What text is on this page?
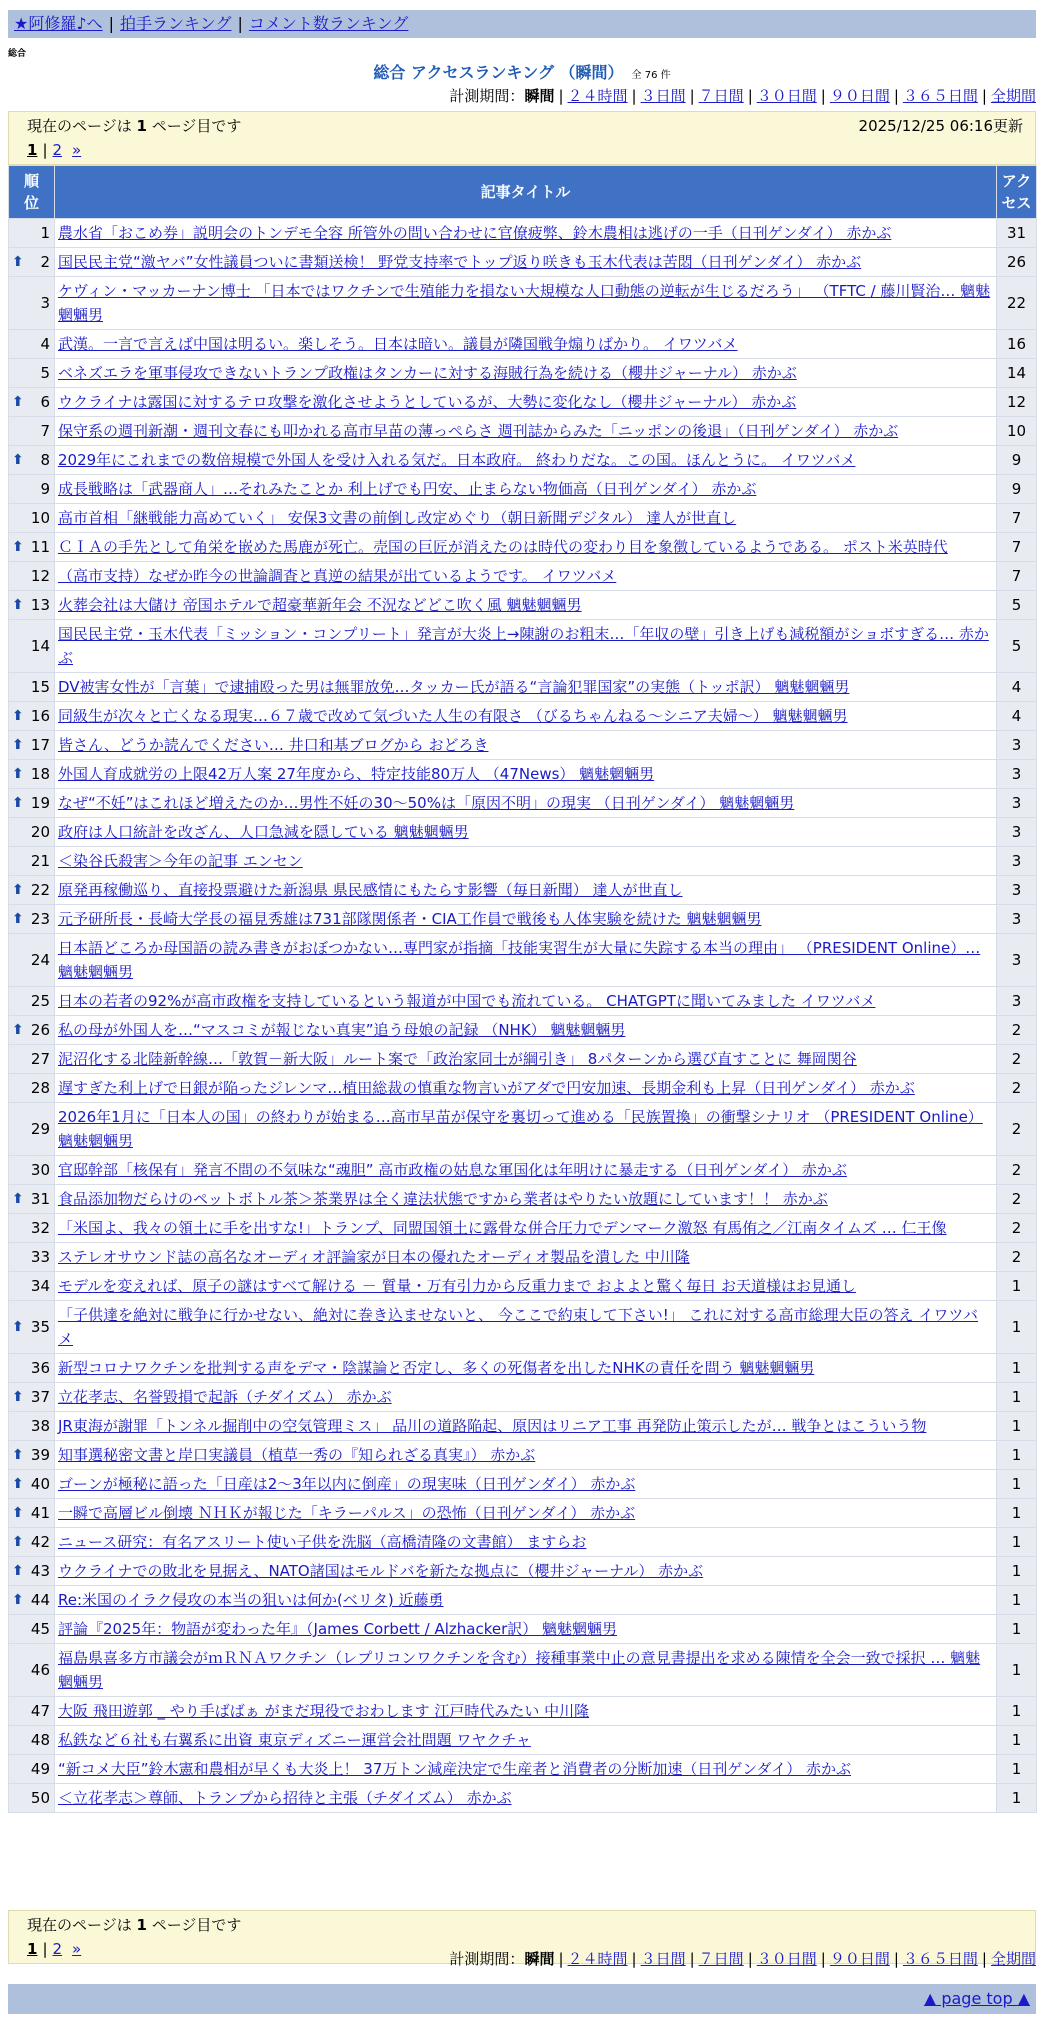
★阿修羅♪へ | 拍手ランキング | コメント数ランキング
総合
総合 アクセスランキング （瞬間） 全 76 件
計測期間：瞬間 | ２４時間 | ３日間 | ７日間 | ３０日間 | ９０日間 | ３６５日間 | 全期間
現在のページは 1 ページ目です	2025/12/25 06:16更新
1 | 2 »
順位	記事タイトル	アクセス

1	農水省「おこめ券」説明会のトンデモ全容 所管外の問い合わせに官僚疲弊、鈴木農相は逃げの一手（日刊ゲンダイ） 赤かぶ	31

⬆ 2	国民民主党“激ヤバ”女性議員ついに書類送検！ 野党支持率でトップ返り咲きも玉木代表は苦悶（日刊ゲンダイ） 赤かぶ	26
3	ケヴィン・マッカーナン博士 「日本ではワクチンで生殖能力を損ない大規模な人口動態の逆転が生じるだろう」 （TFTC / 藤川賢治… 魑魅魍魎男	22
4	武漢。一言で言えば中国は明るい。楽しそう。日本は暗い。議員が隣国戦争煽りばかり。 イワツバメ	16
5	ベネズエラを軍事侵攻できないトランプ政権はタンカーに対する海賊行為を続ける（櫻井ジャーナル） 赤かぶ	14

⬆ 6	ウクライナは露国に対するテロ攻撃を激化させようとしているが、大勢に変化なし（櫻井ジャーナル） 赤かぶ	12
7	保守系の週刊新潮・週刊文春にも叩かれる高市早苗の薄っぺらさ 週刊誌からみた「ニッポンの後退」（日刊ゲンダイ） 赤かぶ	10

⬆ 8	2029年にこれまでの数倍規模で外国人を受け入れる気だ。日本政府。 終わりだな。この国。ほんとうに。 イワツバメ	9
9	成長戦略は「武器商人」…それみたことか 利上げでも円安、止まらない物価高（日刊ゲンダイ） 赤かぶ	9
10	高市首相「継戦能力高めていく」 安保3文書の前倒し改定めぐり（朝日新聞デジタル） 達人が世直し	7

⬆ 11	ＣＩＡの手先として角栄を嵌めた馬鹿が死亡。売国の巨匠が消えたのは時代の変わり目を象徴しているようである。 ポスト米英時代	7
12	（高市支持）なぜか昨今の世論調査と真逆の結果が出ているようです。 イワツバメ	7

⬆ 13	火葬会社は大儲け 帝国ホテルで超豪華新年会 不況などどこ吹く風 魑魅魍魎男	5
14	国民民主党・玉木代表「ミッション・コンプリート」発言が大炎上→陳謝のお粗末…「年収の壁」引き上げも減税額がショボすぎる… 赤かぶ	5
15	DV被害女性が「言葉」で逮捕殴った男は無罪放免…タッカー氏が語る“言論犯罪国家”の実態（トッポ訳） 魑魅魍魎男	4

⬆ 16	同級生が次々と亡くなる現実…６７歳で改めて気づいた人生の有限さ （びるちゃんねる～シニア夫婦～） 魑魅魍魎男	4

⬆ 17	皆さん、どうか読んでください… 井口和基ブログから おどろき	3

⬆ 18	外国人育成就労の上限42万人案 27年度から、特定技能80万人 （47News） 魑魅魍魎男	3

⬆ 19	なぜ“不妊”はこれほど増えたのか…男性不妊の30～50%は「原因不明」の現実 （日刊ゲンダイ） 魑魅魍魎男	3
20	政府は人口統計を改ざん、人口急減を隠している 魑魅魍魎男	3
21	＜染谷氏殺害＞今年の記事 エンセン	3

⬆ 22	原発再稼働巡り、直接投票避けた新潟県 県民感情にもたらす影響（毎日新聞） 達人が世直し	3

⬆ 23	元予研所長・長崎大学長の福見秀雄は731部隊関係者・CIA工作員で戦後も人体実験を続けた 魑魅魍魎男	3
24	日本語どころか母国語の読み書きがおぼつかない…専門家が指摘「技能実習生が大量に失踪する本当の理由」 （PRESIDENT Online）… 魑魅魍魎男	3
25	日本の若者の92%が高市政権を支持しているという報道が中国でも流れている。 CHATGPTに聞いてみました イワツバメ	3

⬆ 26	私の母が外国人を…“マスコミが報じない真実”追う母娘の記録 （NHK） 魑魅魍魎男	2
27	泥沼化する北陸新幹線…「敦賀－新大阪」ルート案で「政治家同士が綱引き」 8パターンから選び直すことに 舞岡関谷	2
28	遅すぎた利上げで日銀が陥ったジレンマ…植田総裁の慎重な物言いがアダで円安加速、長期金利も上昇（日刊ゲンダイ） 赤かぶ	2
29	2026年1月に「日本人の国」の終わりが始まる…高市早苗が保守を裏切って進める「民族置換」の衝撃シナリオ （PRESIDENT Online） 魑魅魍魎男	2
30	官邸幹部「核保有」発言不問の不気味な“魂胆” 高市政権の姑息な軍国化は年明けに暴走する（日刊ゲンダイ） 赤かぶ	2

⬆ 31	食品添加物だらけのペットボトル茶＞茶業界は全く違法状態ですから業者はやりたい放題にしています！！ 赤かぶ	2
32	「米国よ、我々の領土に手を出すな!」トランプ、同盟国領土に露骨な併合圧力でデンマーク激怒 有馬侑之／江南タイムズ … 仁王像	2
33	ステレオサウンド誌の高名なオーディオ評論家が日本の優れたオーディオ製品を潰した 中川隆	2
34	モデルを変えれば、原子の謎はすべて解ける － 質量・万有引力から反重力まで およよと驚く毎日 お天道様はお見通し	1

⬆ 35	「子供達を絶対に戦争に行かせない、絶対に巻き込ませないと、 今ここで約束して下さい!」 これに対する高市総理大臣の答え イワツバメ	1
36	新型コロナワクチンを批判する声をデマ・陰謀論と否定し、多くの死傷者を出したNHKの責任を問う 魑魅魍魎男	1

⬆ 37	立花孝志、名誉毀損で起訴（チダイズム） 赤かぶ	1
38	JR東海が謝罪「トンネル掘削中の空気管理ミス」 品川の道路陥起、原因はリニア工事 再発防止策示したが… 戦争とはこういう物	1

⬆ 39	知事選秘密文書と岸口実議員（植草一秀の『知られざる真実』） 赤かぶ	1

⬆ 40	ゴーンが極秘に語った「日産は2～3年以内に倒産」の現実味（日刊ゲンダイ） 赤かぶ	1

⬆ 41	一瞬で高層ビル倒壊 ＮＨＫが報じた「キラーパルス」の恐怖（日刊ゲンダイ） 赤かぶ	1

⬆ 42	ニュース研究：有名アスリート使い子供を洗脳（高橋清隆の文書館） ますらお	1

⬆ 43	ウクライナでの敗北を見据え、NATO諸国はモルドバを新たな拠点に（櫻井ジャーナル） 赤かぶ	1

⬆ 44	Re:米国のイラク侵攻の本当の狙いは何か(ベリタ) 近藤勇	1
45	評論『2025年：物語が変わった年』（James Corbett / Alzhacker訳） 魑魅魍魎男	1
46	福島県喜多方市議会がｍＲＮＡワクチン（レプリコンワクチンを含む）接種事業中止の意見書提出を求める陳情を全会一致で採択 … 魑魅魍魎男	1
47	大阪 飛田遊郭 _ やり手ばばぁ がまだ現役でおわします 江戸時代みたい 中川隆	1
48	私鉄など６社も右翼系に出資 東京ディズニー運営会社問題 ワヤクチャ	1
49	“新コメ大臣”鈴木憲和農相が早くも大炎上！ 37万トン減産決定で生産者と消費者の分断加速（日刊ゲンダイ） 赤かぶ	1
50	＜立花孝志＞尊師、トランプから招待と主張（チダイズム） 赤かぶ	1
現在のページは 1 ページ目です
1 | 2 »
計測期間：瞬間 | ２４時間 | ３日間 | ７日間 | ３０日間 | ９０日間 | ３６５日間 | 全期間
▲ page top ▲
